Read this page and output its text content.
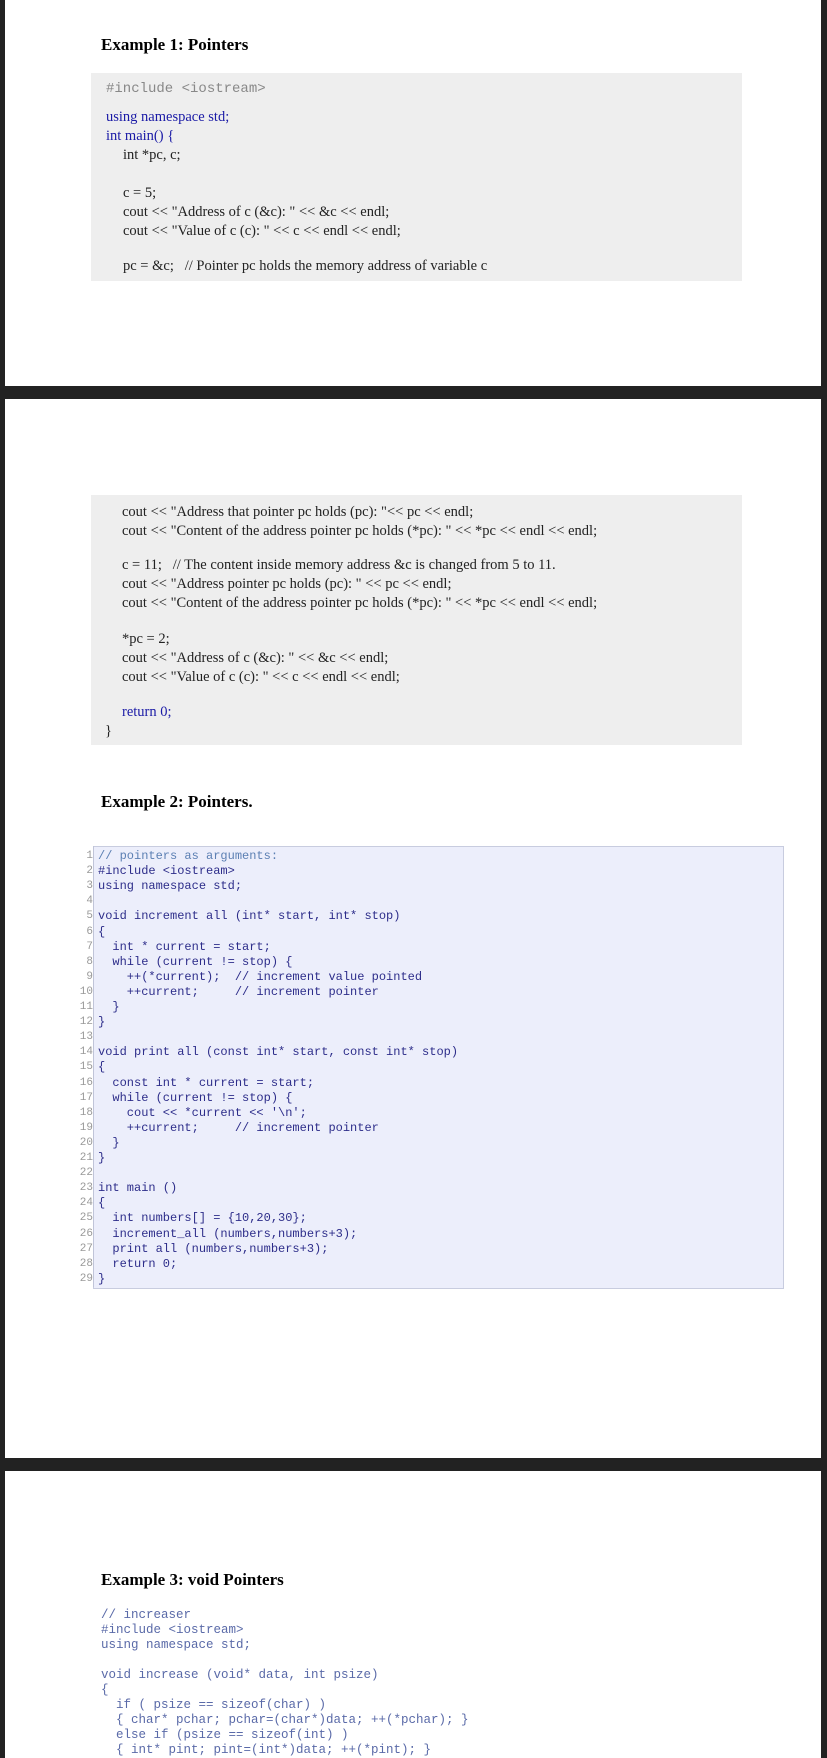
Example 1: Pointers
#include <iostream>
using namespace std;
int main() {
int *pc, c;
c = 5;
cout << "Address of c (&c): " << &c << endl;
cout << "Value of c (c): " << c << endl << endl;
pc = &c;   // Pointer pc holds the memory address of variable c
cout << "Address that pointer pc holds (pc): "<< pc << endl;
cout << "Content of the address pointer pc holds (*pc): " << *pc << endl << endl;
c = 11;   // The content inside memory address &c is changed from 5 to 11.
cout << "Address pointer pc holds (pc): " << pc << endl;
cout << "Content of the address pointer pc holds (*pc): " << *pc << endl << endl;
*pc = 2;
cout << "Address of c (&c): " << &c << endl;
cout << "Value of c (c): " << c << endl << endl;
return 0;
}
Example 2: Pointers.
1 // pointers as arguments:
2 #include <iostream>
3 using namespace std;
4
5 void increment all (int* start, int* stop)
6 {
7 int * current = start;
8 while (current != stop) {
9 ++(*current);  // increment value pointed
10 ++current;     // increment pointer
11 }
12 }
13
14 void print all (const int* start, const int* stop)
15 {
16 const int * current = start;
17 while (current != stop) {
18 cout << *current << '\n';
19 ++current;     // increment pointer
20 }
21 }
22
23 int main ()
24 {
25 int numbers[] = {10,20,30};
26 increment_all (numbers,numbers+3);
27 print all (numbers,numbers+3);
28 return 0;
29 }
Example 3: void Pointers
// increaser
#include <iostream>
using namespace std;
void increase (void* data, int psize)
{
if ( psize == sizeof(char) )
{ char* pchar; pchar=(char*)data; ++(*pchar); }
else if (psize == sizeof(int) )
{ int* pint; pint=(int*)data; ++(*pint); }
